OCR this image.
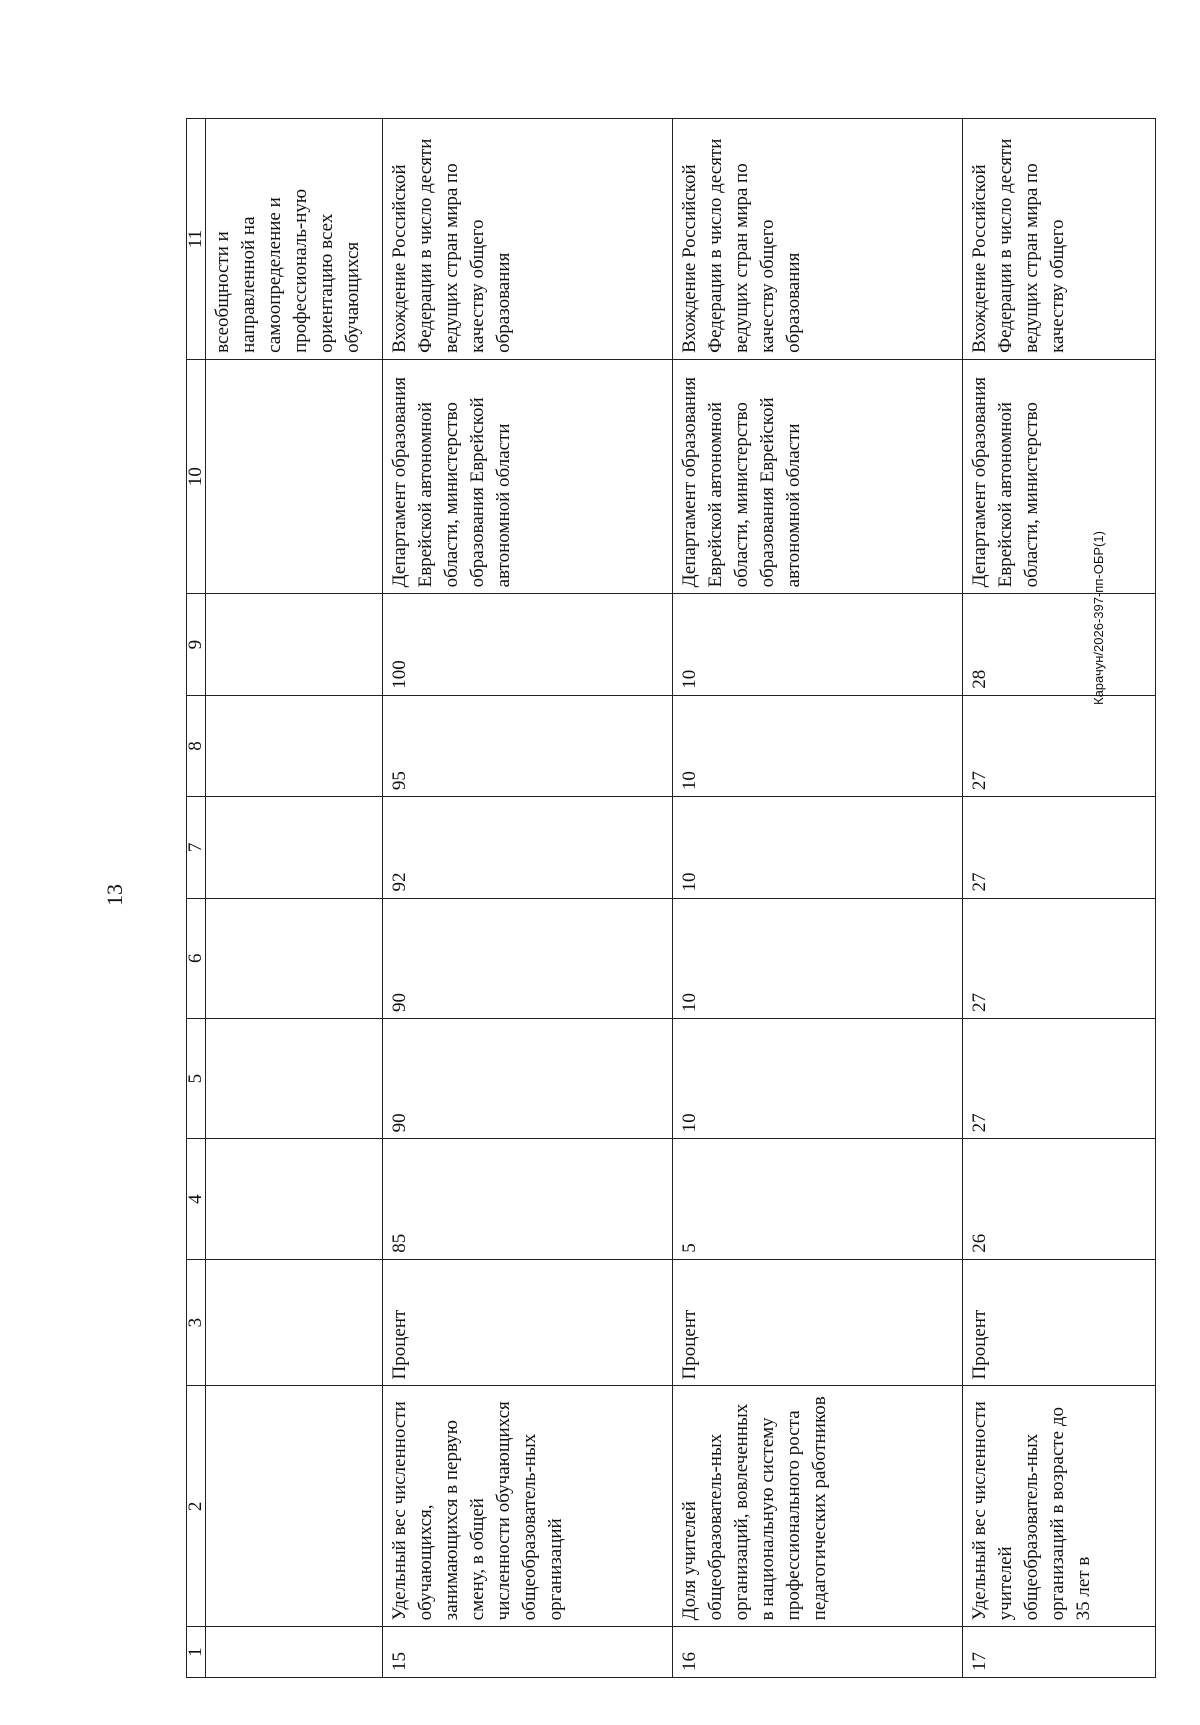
13
1	2	3	4	5	6	7	8	9	10	11
										всеобщности и направленной на самоопределение и профессиональ-ную ориентацию всех обучающихся
15	Удельный вес численности обучающихся, занимающихся в первую смену, в общей численности обучающихся общеобразователь-ных организаций	Процент	85	90	90	92	95	100	Департамент образования Еврейской автономной области, министерство образования Еврейской автономной области	Вхождение Российской Федерации в число десяти ведущих стран мира по качеству общего образования
16	Доля учителей общеобразователь-ных организаций, вовлеченных в национальную систему профессионального роста педагогических работников	Процент	5	10	10	10	10	10	Департамент образования Еврейской автономной области, министерство образования Еврейской автономной области	Вхождение Российской Федерации в число десяти ведущих стран мира по качеству общего образования
17	Удельный вес численности учителей общеобразователь-ных организаций в возрасте до 35 лет в	Процент	26	27	27	27	27	28	Департамент образования Еврейской автономной области, министерство	Вхождение Российской Федерации в число десяти ведущих стран мира по качеству общего
Карачун/2026-397-пп-ОБР(1)
